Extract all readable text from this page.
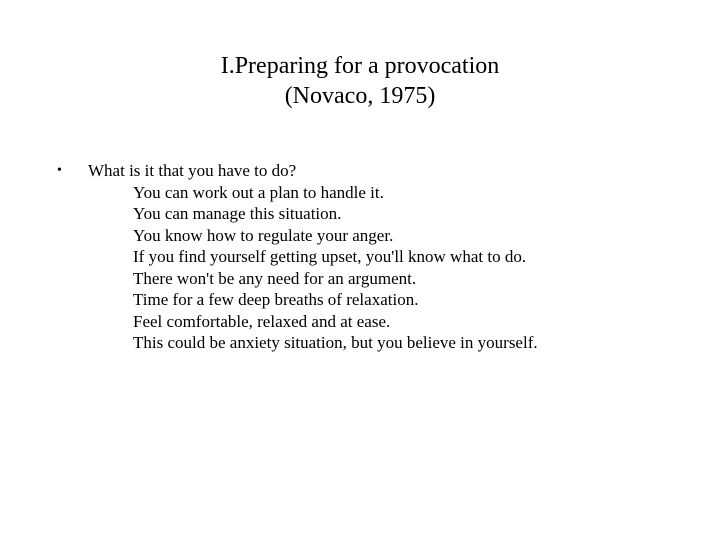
I.Preparing for a provocation
(Novaco, 1975)
• What is it that you have to do?
You can work out a plan to handle it.
You can manage this situation.
You know how to regulate your anger.
If you find yourself getting upset, you'll know what to do.
There won't be any need for an argument.
Time for a few deep breaths of relaxation.
Feel comfortable, relaxed and at ease.
This could be anxiety situation, but you believe in yourself.
